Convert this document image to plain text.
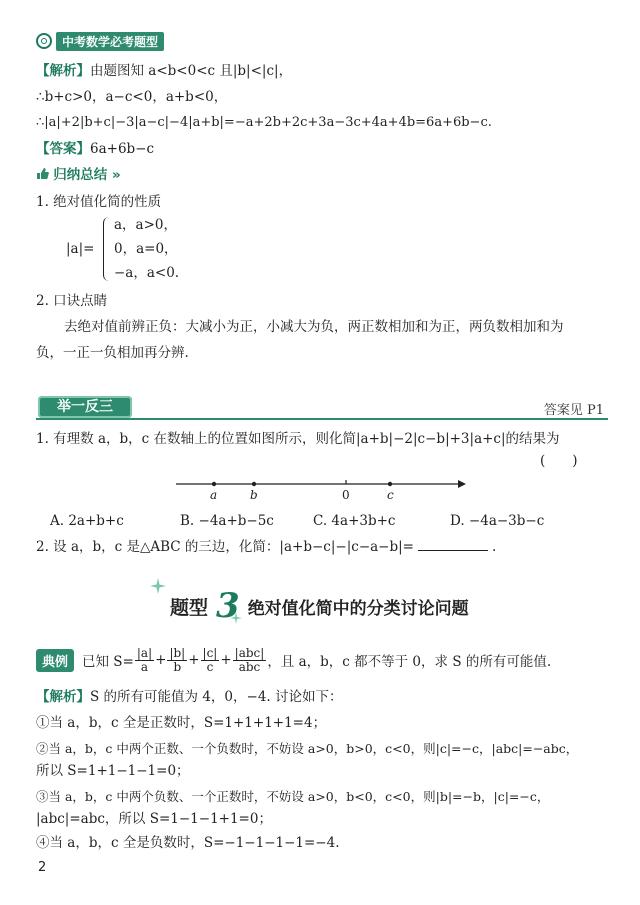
中考数学必考题型
【解析】由题图知 a<b<0<c 且|b|<|c|，
∴b+c>0，a−c<0，a+b<0，
∴|a|+2|b+c|−3|a−c|−4|a+b|=−a+2b+2c+3a−3c+4a+4b=6a+6b−c.
【答案】6a+6b−c
归纳总结 »
1. 绝对值化简的性质
|a|=
a，a>0，
0，a=0，
−a，a<0.
2. 口诀点睛
去绝对值前辨正负：大减小为正，小减大为负，两正数相加和为正，两负数相加和为
负，一正一负相加再分辨.
举一反三	答案见 P1
1. 有理数 a，b，c 在数轴上的位置如图所示，则化简|a+b|−2|c−b|+3|a+c|的结果为
(　　)
a	b	0	c
A. 2a+b+c	B. −4a+b−5c	C. 4a+3b+c	D. −4a−3b−c
2. 设 a，b，c 是△ABC 的三边，化简：|a+b−c|−|c−a−b|=	.
题型 3 绝对值化简中的分类讨论问题
典例	已知 $S= \frac{|a|}{a} + \frac{|b|}{b} + \frac{|c|}{c} + \frac{\text{|abc|}}{\text{abc}}$ ，且 a，b，c 都不等于 0，求 S 的所有可能值.
【解析】S 的所有可能值为 4，0，−4. 讨论如下：
①当 a，b，c 全是正数时，S=1+1+1+1=4；
②当 a，b，c 中两个正数、一个负数时，不妨设 a>0，b>0，c<0，则|c|=−c，|abc|=−abc，
所以 S=1+1−1−1=0；
③当 a，b，c 中两个负数、一个正数时，不妨设 a>0，b<0，c<0，则|b|=−b，|c|=−c，
|abc|=abc，所以 S=1−1−1+1=0；
④当 a，b，c 全是负数时，S=−1−1−1−1=−4.
2
